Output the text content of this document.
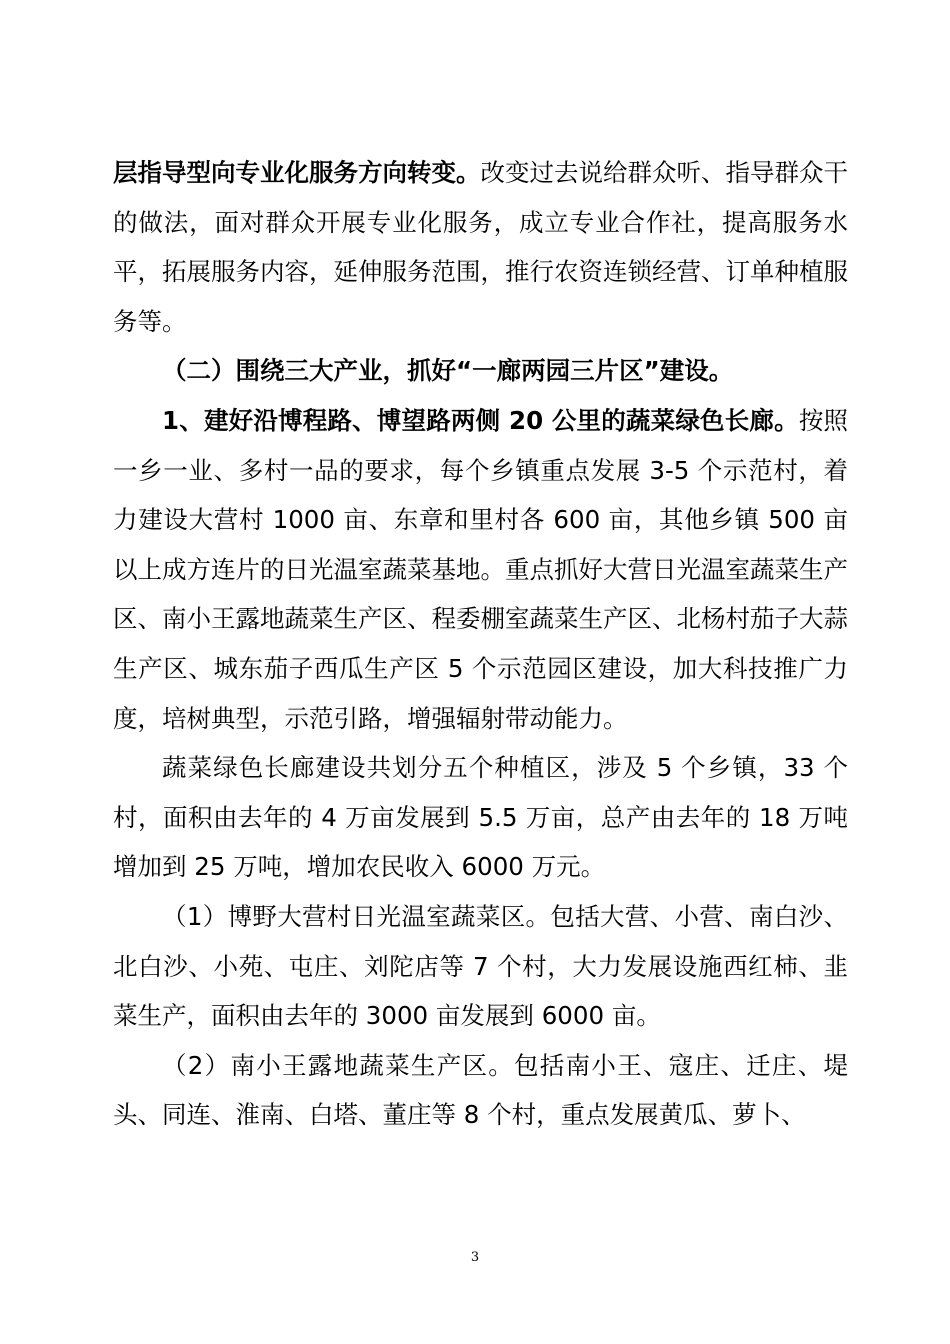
层指导型向专业化服务方向转变。改变过去说给群众听、指导群众干的做法，面对群众开展专业化服务，成立专业合作社，提高服务水平，拓展服务内容，延伸服务范围，推行农资连锁经营、订单种植服务等。

（二）围绕三大产业，抓好“一廊两园三片区”建设。

1、建好沿博程路、博望路两侧 20 公里的蔬菜绿色长廊。按照一乡一业、多村一品的要求，每个乡镇重点发展 3-5 个示范村，着力建设大营村 1000 亩、东章和里村各 600 亩，其他乡镇 500 亩以上成方连片的日光温室蔬菜基地。重点抓好大营日光温室蔬菜生产区、南小王露地蔬菜生产区、程委棚室蔬菜生产区、北杨村茄子大蒜生产区、城东茄子西瓜生产区 5 个示范园区建设，加大科技推广力度，培树典型，示范引路，增强辐射带动能力。

蔬菜绿色长廊建设共划分五个种植区，涉及 5 个乡镇，33 个村，面积由去年的 4 万亩发展到 5.5 万亩，总产由去年的 18 万吨增加到 25 万吨，增加农民收入 6000 万元。

（1）博野大营村日光温室蔬菜区。包括大营、小营、南白沙、北白沙、小苑、屯庄、刘陀店等 7 个村，大力发展设施西红柿、韭菜生产，面积由去年的 3000 亩发展到 6000 亩。

（2）南小王露地蔬菜生产区。包括南小王、寇庄、迁庄、堤头、同连、淮南、白塔、董庄等 8 个村，重点发展黄瓜、萝卜、

3
